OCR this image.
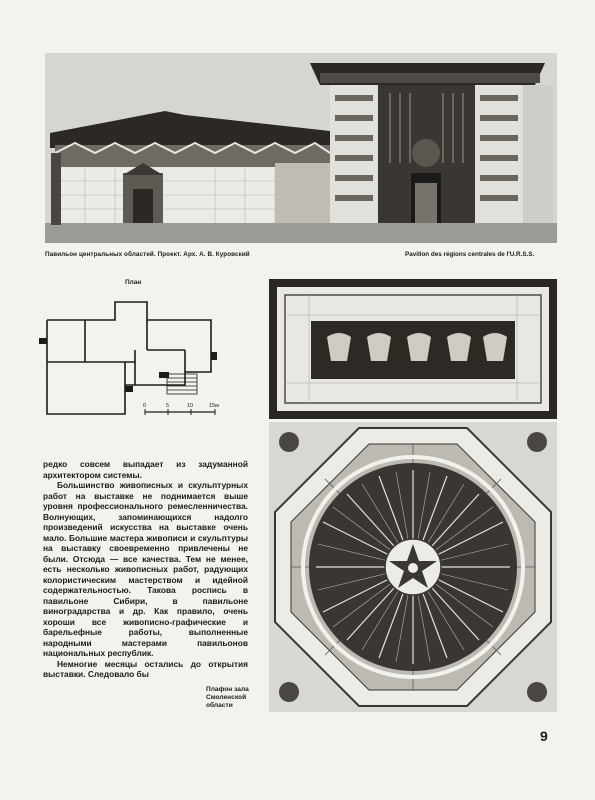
Павильон центральных областей. Проект. Арх. А. В. Куровский	Pavillon des régions centrales de l'U.R.S.S.
План
0	5	10	15м

редко совсем выпадает из задуманной архитектором системы.

Большинство живописных и скульптурных работ на выставке не поднимается выше уровня профессионального ремесленничества. Волнующих, запоминающихся надолго произведений искусства на выставке очень мало. Большие мастера живописи и скульптуры на выставку своевременно привлечены не были. Отсюда — все качества. Тем не менее, есть несколько живописных работ, радующих колористическим мастерством и идейной содержательностью. Такова роспись в павильоне Сибири, в павильоне виноградарства и др. Как правило, очень хороши все живописно-графические и барельефные работы, выполненные народными мастерами павильонов национальных республик.

Немногие месяцы остались до открытия выставки. Следовало бы

Плафон зала Смоленской области
9
